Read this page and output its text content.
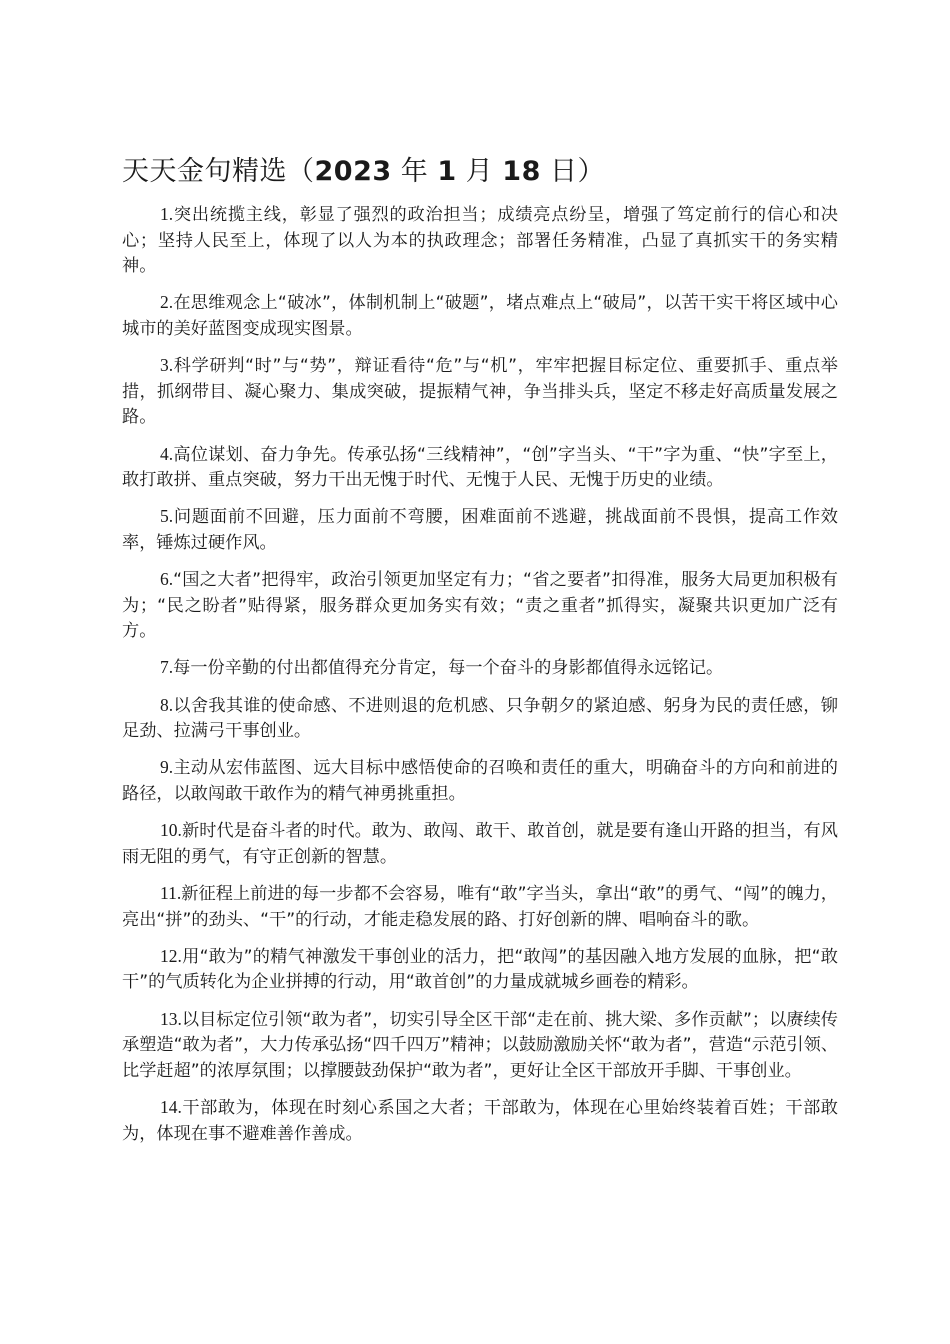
天天金句精选（2023 年 1 月 18 日）

1.突出统揽主线，彰显了强烈的政治担当；成绩亮点纷呈，增强了笃定前行的信心和决心；坚持人民至上，体现了以人为本的执政理念；部署任务精准，凸显了真抓实干的务实精神。

2.在思维观念上“破冰”，体制机制上“破题”，堵点难点上“破局”，以苦干实干将区域中心城市的美好蓝图变成现实图景。

3.科学研判“时”与“势”，辩证看待“危”与“机”，牢牢把握目标定位、重要抓手、重点举措，抓纲带目、凝心聚力、集成突破，提振精气神，争当排头兵，坚定不移走好高质量发展之路。

4.高位谋划、奋力争先。传承弘扬“三线精神”，“创”字当头、“干”字为重、“快”字至上，敢打敢拼、重点突破，努力干出无愧于时代、无愧于人民、无愧于历史的业绩。

5.问题面前不回避，压力面前不弯腰，困难面前不逃避，挑战面前不畏惧，提高工作效率，锤炼过硬作风。

6.“国之大者”把得牢，政治引领更加坚定有力；“省之要者”扣得准，服务大局更加积极有为；“民之盼者”贴得紧，服务群众更加务实有效；“责之重者”抓得实，凝聚共识更加广泛有方。

7.每一份辛勤的付出都值得充分肯定，每一个奋斗的身影都值得永远铭记。

8.以舍我其谁的使命感、不进则退的危机感、只争朝夕的紧迫感、躬身为民的责任感，铆足劲、拉满弓干事创业。

9.主动从宏伟蓝图、远大目标中感悟使命的召唤和责任的重大，明确奋斗的方向和前进的路径，以敢闯敢干敢作为的精气神勇挑重担。

10.新时代是奋斗者的时代。敢为、敢闯、敢干、敢首创，就是要有逢山开路的担当，有风雨无阻的勇气，有守正创新的智慧。

11.新征程上前进的每一步都不会容易，唯有“敢”字当头，拿出“敢”的勇气、“闯”的魄力，亮出“拼”的劲头、“干”的行动，才能走稳发展的路、打好创新的牌、唱响奋斗的歌。

12.用“敢为”的精气神激发干事创业的活力，把“敢闯”的基因融入地方发展的血脉，把“敢干”的气质转化为企业拼搏的行动，用“敢首创”的力量成就城乡画卷的精彩。

13.以目标定位引领“敢为者”，切实引导全区干部“走在前、挑大梁、多作贡献”；以赓续传承塑造“敢为者”，大力传承弘扬“四千四万”精神；以鼓励激励关怀“敢为者”，营造“示范引领、比学赶超”的浓厚氛围；以撑腰鼓劲保护“敢为者”，更好让全区干部放开手脚、干事创业。

14.干部敢为，体现在时刻心系国之大者；干部敢为，体现在心里始终装着百姓；干部敢为，体现在事不避难善作善成。
